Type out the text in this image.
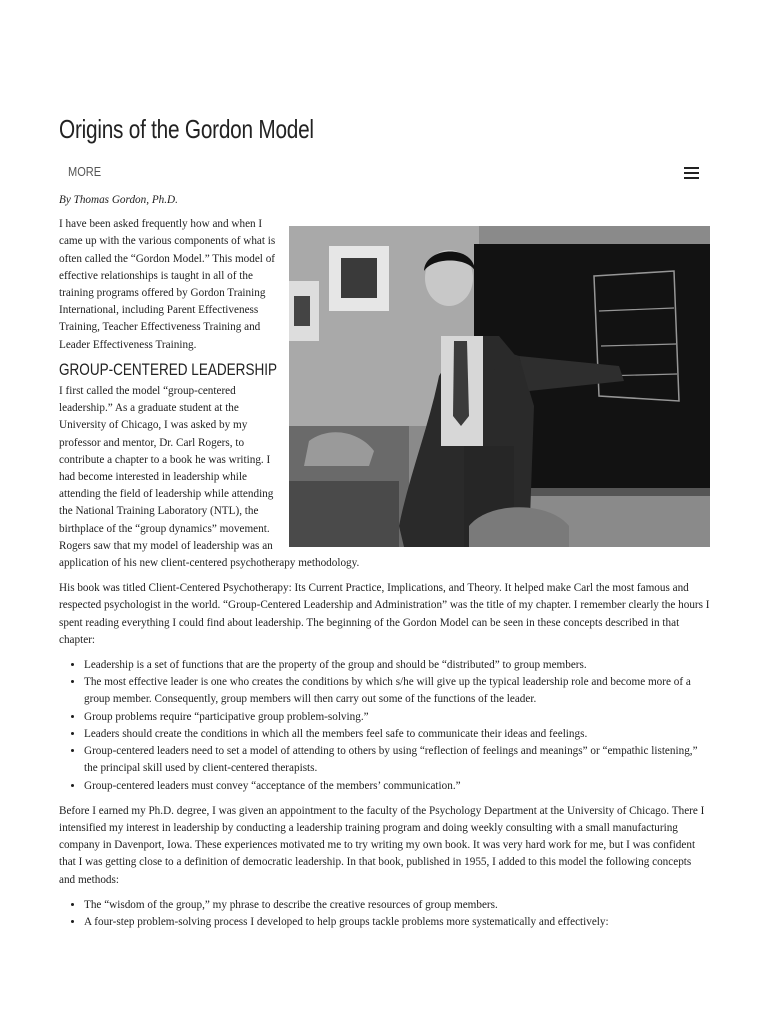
Origins of the Gordon Model
MORE

By Thomas Gordon, Ph.D.

I have been asked frequently how and when I came up with the various components of what is often called the “Gordon Model.” This model of effective relationships is taught in all of the training programs offered by Gordon Training International, including Parent Effectiveness Training, Teacher Effectiveness Training and Leader Effectiveness Training.

GROUP-CENTERED LEADERSHIP

I first called the model “group-centered leadership.” As a graduate student at the University of Chicago, I was asked by my professor and mentor, Dr. Carl Rogers, to contribute a chapter to a book he was writing. I had become interested in leadership while attending the field of leadership while attending the National Training Laboratory (NTL), the birthplace of the “group dynamics” movement. Rogers saw that my model of leadership was an application of his new client-centered psychotherapy methodology.

His book was titled Client-Centered Psychotherapy: Its Current Practice, Implications, and Theory. It helped make Carl the most famous and respected psychologist in the world. “Group-Centered Leadership and Administration” was the title of my chapter. I remember clearly the hours I spent reading everything I could find about leadership. The beginning of the Gordon Model can be seen in these concepts described in that chapter:

• Leadership is a set of functions that are the property of the group and should be “distributed” to group members.
• The most effective leader is one who creates the conditions by which s/he will give up the typical leadership role and become more of a group member. Consequently, group members will then carry out some of the functions of the leader.
• Group problems require “participative group problem-solving.”
• Leaders should create the conditions in which all the members feel safe to communicate their ideas and feelings.
• Group-centered leaders need to set a model of attending to others by using “reflection of feelings and meanings” or “empathic listening,” the principal skill used by client-centered therapists.
• Group-centered leaders must convey “acceptance of the members’ communication.”

Before I earned my Ph.D. degree, I was given an appointment to the faculty of the Psychology Department at the University of Chicago. There I intensified my interest in leadership by conducting a leadership training program and doing weekly consulting with a small manufacturing company in Davenport, Iowa. These experiences motivated me to try writing my own book. It was very hard work for me, but I was confident that I was getting close to a definition of democratic leadership. In that book, published in 1955, I added to this model the following concepts and methods:

• The “wisdom of the group,” my phrase to describe the creative resources of group members.
• A four-step problem-solving process I developed to help groups tackle problems more systematically and effectively:
